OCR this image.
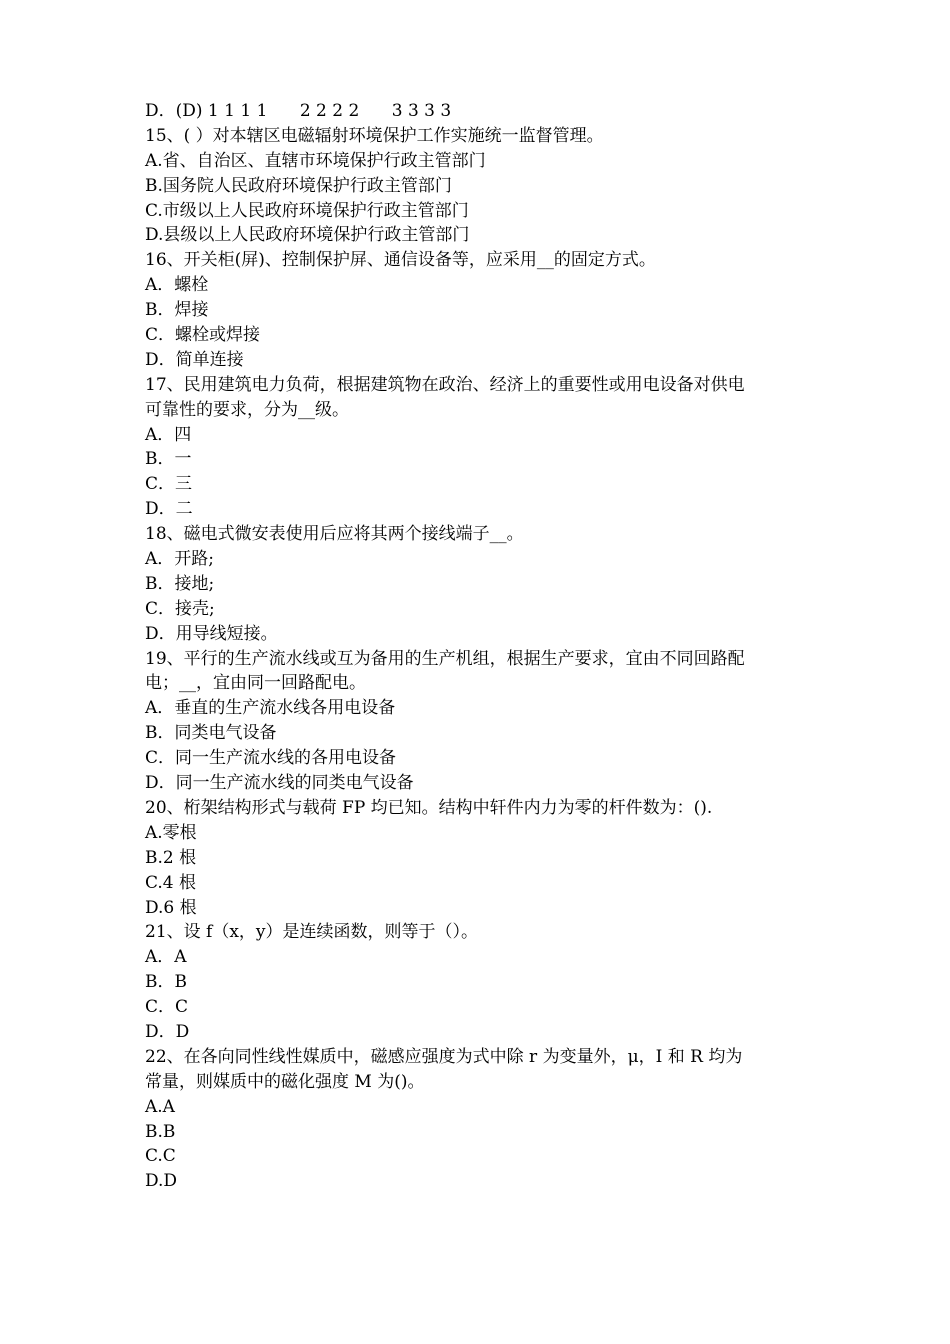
D．(D) 1 1 1 1      2 2 2 2      3 3 3 3
15、( ）对本辖区电磁辐射环境保护工作实施统一监督管理。
A.省、自治区、直辖市环境保护行政主管部门
B.国务院人民政府环境保护行政主管部门
C.市级以上人民政府环境保护行政主管部门
D.县级以上人民政府环境保护行政主管部门
16、开关柜(屏)、控制保护屏、通信设备等，应采用__的固定方式。
A．螺栓
B．焊接
C．螺栓或焊接
D．简单连接
17、民用建筑电力负荷，根据建筑物在政治、经济上的重要性或用电设备对供电
可靠性的要求，分为__级。
A．四
B．一
C．三
D．二
18、磁电式微安表使用后应将其两个接线端子__。
A．开路;
B．接地;
C．接壳;
D．用导线短接。
19、平行的生产流水线或互为备用的生产机组，根据生产要求，宜由不同回路配
电；__，宜由同一回路配电。
A．垂直的生产流水线各用电设备
B．同类电气设备
C．同一生产流水线的各用电设备
D．同一生产流水线的同类电气设备
20、桁架结构形式与载荷 FP 均已知。结构中轩件内力为零的杆件数为：().
A.零根
B.2 根
C.4 根
D.6 根
21、设 f（x，y）是连续函数，则等于（）。
A．A
B．B
C．C
D．D
22、在各向同性线性媒质中，磁感应强度为式中除 r 为变量外，μ，I 和 R 均为
常量，则媒质中的磁化强度 M 为()。
A.A
B.B
C.C
D.D
